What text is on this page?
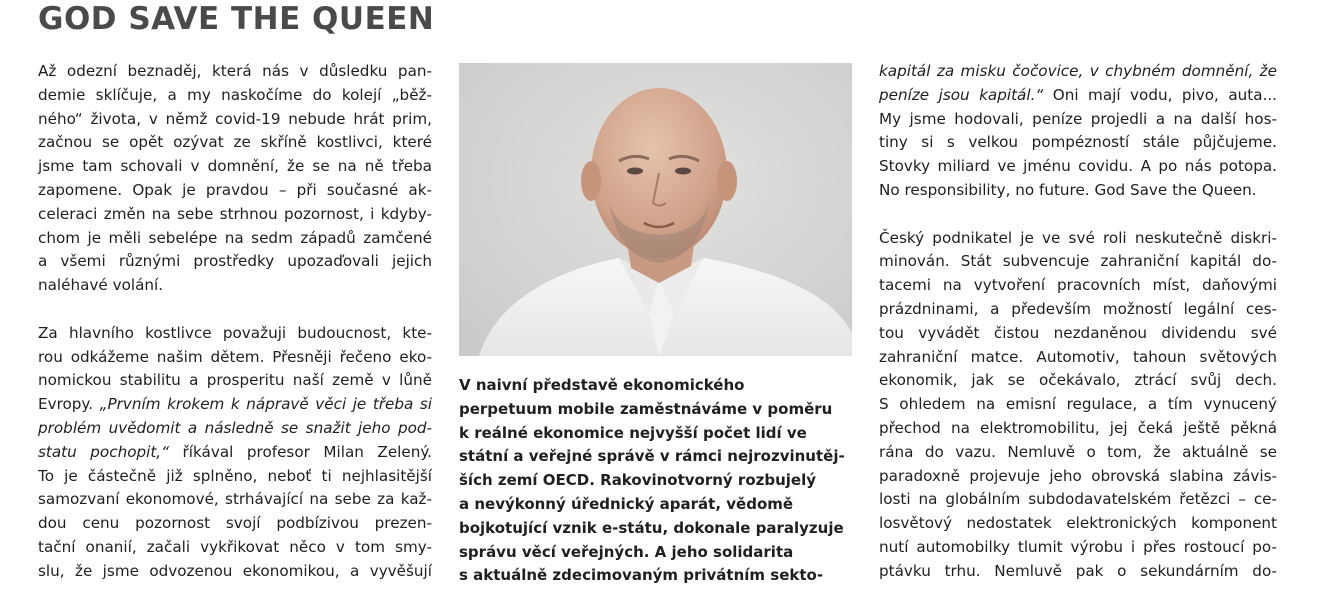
GOD SAVE THE QUEEN

Až odezní beznaděj, která nás v důsledku pan-
demie sklíčuje, a my naskočíme do kolejí „běž-
ného“ života, v němž covid-19 nebude hrát prim,
začnou se opět ozývat ze skříně kostlivci, které
jsme tam schovali v domnění, že se na ně třeba
zapomene. Opak je pravdou – při současné ak-
celeraci změn na sebe strhnou pozornost, i kdyby-
chom je měli sebelépe na sedm západů zamčené
a všemi různými prostředky upozaďovali jejich
naléhavé volání.

Za hlavního kostlivce považuji budoucnost, kte-
rou odkážeme našim dětem. Přesněji řečeno eko-
nomickou stabilitu a prosperitu naší země v lůně
Evropy. „Prvním krokem k nápravě věci je třeba si
problém uvědomit a následně se snažit jeho pod-
statu pochopit,“ říkával profesor Milan Zelený.
To je částečně již splněno, neboť ti nejhlasitější
samozvaní ekonomové, strhávající na sebe za kaž-
dou cenu pozornost svojí podbízivou prezen-
tační onanií, začali vykřikovat něco v tom smy-
slu, že jsme odvozenou ekonomikou, a vyvěšují

V naivní představě ekonomického
perpetuum mobile zaměstnáváme v poměru
k reálné ekonomice nejvyšší počet lidí ve
státní a veřejné správě v rámci nejrozvinutěj-
ších zemí OECD. Rakovinotvorný rozbujelý
a nevýkonný úřednický aparát, vědomě
bojkotující vznik e-státu, dokonale paralyzuje
správu věcí veřejných. A jeho solidarita
s aktuálně zdecimovaným privátním sekto-

kapitál za misku čočovice, v chybném domnění, že
peníze jsou kapitál.“ Oni mají vodu, pivo, auta...
My jsme hodovali, peníze projedli a na další hos-
tiny si s velkou pompézností stále půjčujeme.
Stovky miliard ve jménu covidu. A po nás potopa.
No responsibility, no future. God Save the Queen.

Český podnikatel je ve své roli neskutečně diskri-
minován. Stát subvencuje zahraniční kapitál do-
tacemi na vytvoření pracovních míst, daňovými
prázdninami, a především možností legální ces-
tou vyvádět čistou nezdaněnou dividendu své
zahraniční matce. Automotiv, tahoun světových
ekonomik, jak se očekávalo, ztrácí svůj dech.
S ohledem na emisní regulace, a tím vynucený
přechod na elektromobilitu, jej čeká ještě pěkná
rána do vazu. Nemluvě o tom, že aktuálně se
paradoxně projevuje jeho obrovská slabina závis-
losti na globálním subdodavatelském řetězci – ce-
losvětový nedostatek elektronických komponent
nutí automobilky tlumit výrobu i přes rostoucí po-
ptávku trhu. Nemluvě pak o sekundárním do-
